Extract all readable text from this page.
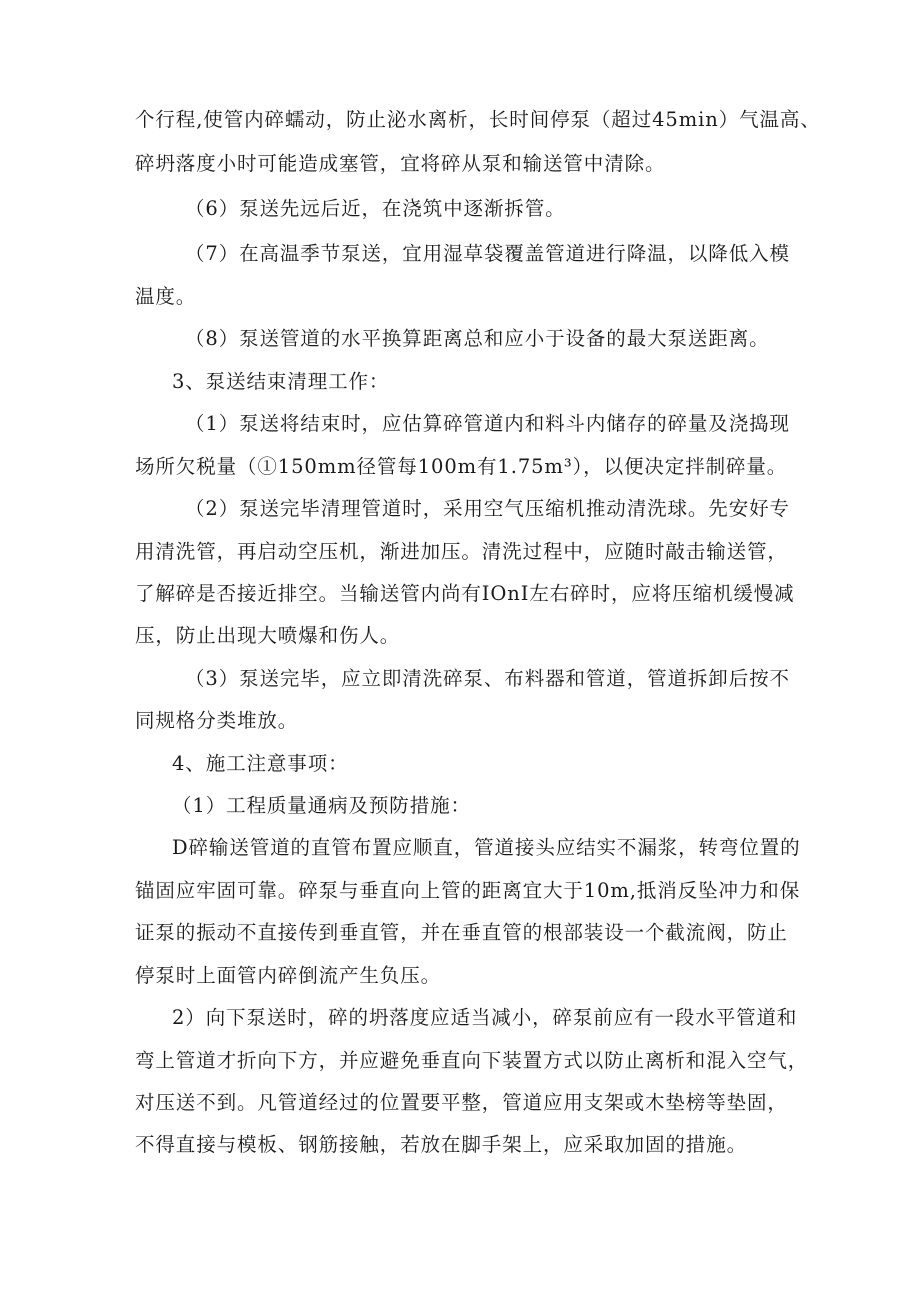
个行程,使管内碎蠕动，防止泌水离析，长时间停泵（超过45min）气温高、
碎坍落度小时可能造成塞管，宜将碎从泵和输送管中清除。
（6）泵送先远后近，在浇筑中逐渐拆管。
（7）在高温季节泵送，宜用湿草袋覆盖管道进行降温，以降低入模
温度。
（8）泵送管道的水平换算距离总和应小于设备的最大泵送距离。
3、泵送结束清理工作：
（1）泵送将结束时，应估算碎管道内和料斗内储存的碎量及浇捣现
场所欠税量（①150mm径管每100m有1.75m³），以便决定拌制碎量。
（2）泵送完毕清理管道时，采用空气压缩机推动清洗球。先安好专
用清洗管，再启动空压机，渐进加压。清洗过程中，应随时敲击输送管，
了解碎是否接近排空。当输送管内尚有IOnI左右碎时，应将压缩机缓慢减
压，防止出现大喷爆和伤人。
（3）泵送完毕，应立即清洗碎泵、布料器和管道，管道拆卸后按不
同规格分类堆放。
4、施工注意事项：
（1）工程质量通病及预防措施：
D碎输送管道的直管布置应顺直，管道接头应结实不漏浆，转弯位置的
锚固应牢固可靠。碎泵与垂直向上管的距离宜大于10m,抵消反坠冲力和保
证泵的振动不直接传到垂直管，并在垂直管的根部装设一个截流阀，防止
停泵时上面管内碎倒流产生负压。
2）向下泵送时，碎的坍落度应适当减小，碎泵前应有一段水平管道和
弯上管道才折向下方，并应避免垂直向下装置方式以防止离析和混入空气，
对压送不到。凡管道经过的位置要平整，管道应用支架或木垫榜等垫固，
不得直接与模板、钢筋接触，若放在脚手架上，应采取加固的措施。
